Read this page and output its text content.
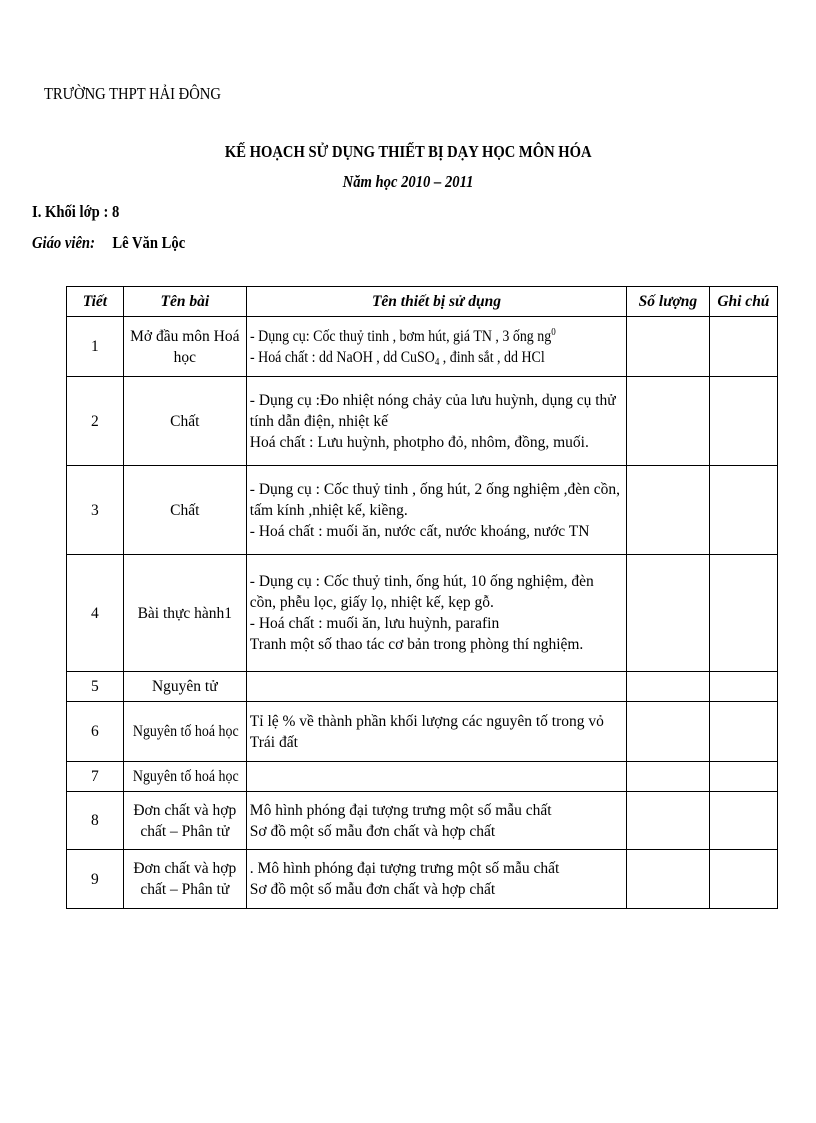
TRƯỜNG THPT HẢI ĐÔNG
KẾ HOẠCH SỬ DỤNG THIẾT BỊ DẠY HỌC MÔN HÓA
Năm học 2010 – 2011
I. Khối lớp : 8
Giáo viên: Lê Văn Lộc
Tiết	Tên bài	Tên thiết bị sử dụng	Số lượng	Ghi chú
1	Mở đầu môn Hoá học	- Dụng cụ: Cốc thuỷ tinh , bơm hút, giá TN , 3 ống $ng^0$
- Hoá chất : dd NaOH , dd CuSO$_4$ , đinh sắt , dd HCl		

2	Chất	- Dụng cụ :Đo nhiệt nóng chảy của lưu huỳnh, dụng cụ thử tính dẫn điện, nhiệt kế
Hoá chất : Lưu huỳnh, photpho đỏ, nhôm, đồng, muối.		

3	Chất	- Dụng cụ : Cốc thuỷ tinh , ống hút, 2 ống nghiệm ,đèn cồn, tấm kính ,nhiệt kế, kiềng.
- Hoá chất : muối ăn, nước cất, nước khoáng, nước TN		

4	Bài thực hành1	- Dụng cụ : Cốc thuỷ tinh, ống hút, 10 ống nghiệm, đèn cồn, phễu lọc, giấy lọ, nhiệt kế, kẹp gỗ.
- Hoá chất : muối ăn, lưu huỳnh, parafin
Tranh một số thao tác cơ bản trong phòng thí nghiệm.		

5	Nguyên tử			
6	Nguyên tố hoá học	Tỉ lệ % về thành phần khối lượng các nguyên tố trong vỏ Trái đất		

7	Nguyên tố hoá học			
8	Đơn chất và hợp chất – Phân tử	Mô hình phóng đại tượng trưng một số mẫu chất
Sơ đồ một số mẫu đơn chất và hợp chất		

9	Đơn chất và hợp chất – Phân tử	. Mô hình phóng đại tượng trưng một số mẫu chất
Sơ đồ một số mẫu đơn chất và hợp chất		
